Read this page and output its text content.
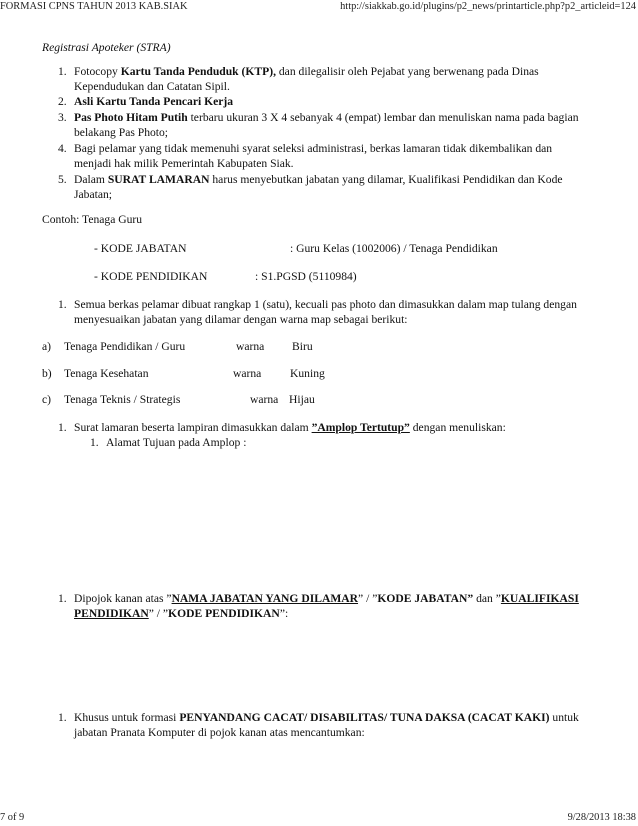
FORMASI CPNS TAHUN 2013 KAB.SIAK	http://siakkab.go.id/plugins/p2_news/printarticle.php?p2_articleid=124
Registrasi Apoteker (STRA)
1. Fotocopy Kartu Tanda Penduduk (KTP), dan dilegalisir oleh Pejabat yang berwenang pada Dinas
Kependudukan dan Catatan Sipil.
2. Asli Kartu Tanda Pencari Kerja
3. Pas Photo Hitam Putih terbaru ukuran 3 X 4 sebanyak 4 (empat) lembar dan menuliskan nama pada bagian
belakang Pas Photo;
4. Bagi pelamar yang tidak memenuhi syarat seleksi administrasi, berkas lamaran tidak dikembalikan dan
menjadi hak milik Pemerintah Kabupaten Siak.
5. Dalam SURAT LAMARAN harus menyebutkan jabatan yang dilamar, Kualifikasi Pendidikan dan Kode
Jabatan;
Contoh: Tenaga Guru
- KODE JABATAN	: Guru Kelas (1002006) / Tenaga Pendidikan
- KODE PENDIDIKAN	: S1.PGSD (5110984)
1. Semua berkas pelamar dibuat rangkap 1 (satu), kecuali pas photo dan dimasukkan dalam map tulang dengan
menyesuaikan jabatan yang dilamar dengan warna map sebagai berikut:
a) Tenaga Pendidikan / Guru	warna Biru
b) Tenaga Kesehatan	warna Kuning
c) Tenaga Teknis / Strategis	warna Hijau
1. Surat lamaran beserta lampiran dimasukkan dalam ”Amplop Tertutup” dengan menuliskan:
1. Alamat Tujuan pada Amplop :
1. Dipojok kanan atas ”NAMA JABATAN YANG DILAMAR” / ”KODE JABATAN” dan ”KUALIFIKASI
PENDIDIKAN” / ”KODE PENDIDIKAN”:
1. Khusus untuk formasi PENYANDANG CACAT/ DISABILITAS/ TUNA DAKSA (CACAT KAKI) untuk
jabatan Pranata Komputer di pojok kanan atas mencantumkan:
7 of 9	9/28/2013 18:38
